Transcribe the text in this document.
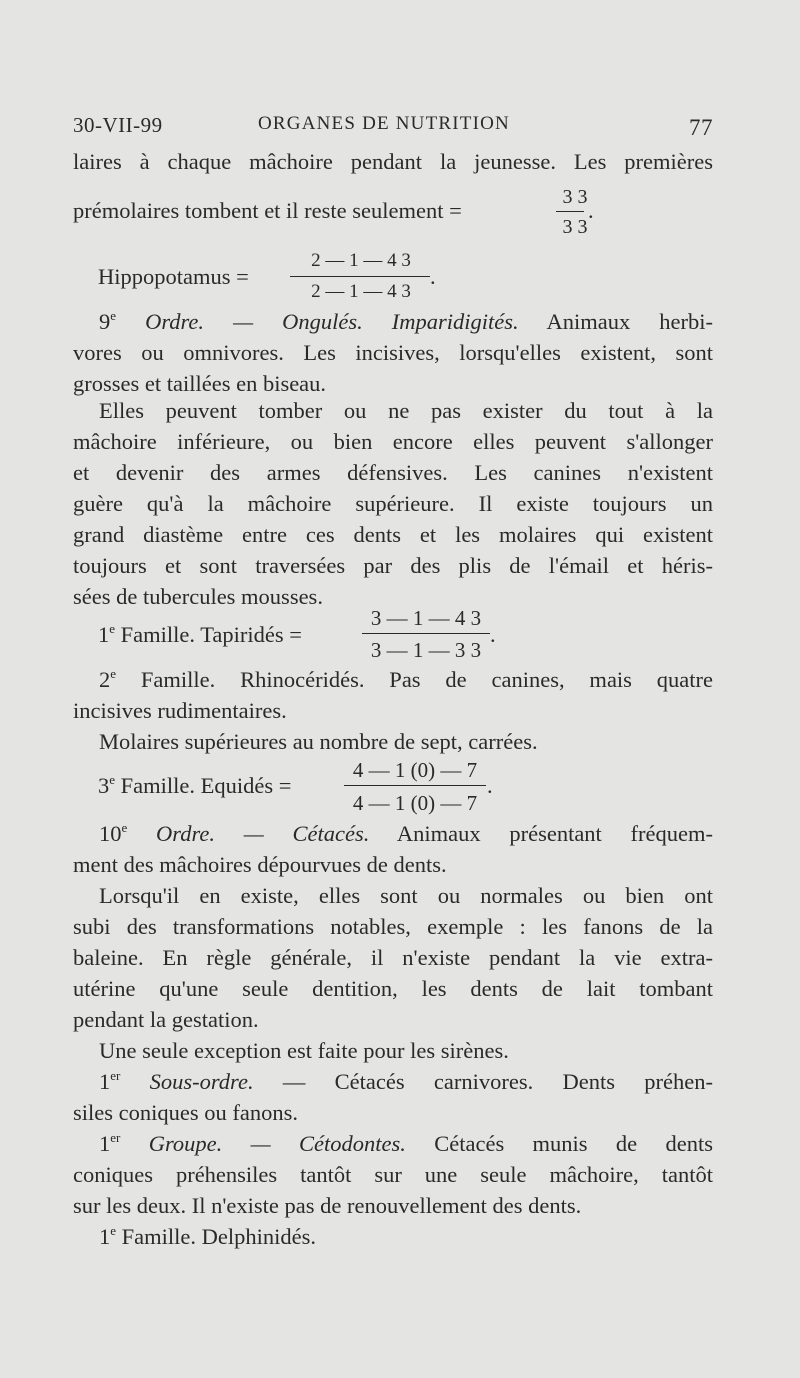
30-VII-99	ORGANES DE NUTRITION	77
laires à chaque mâchoire pendant la jeunesse. Les premières
prémolaires tombent et il reste seulement =
3 3
3 3
.
Hippopotamus =
2 — 1 — 4 3
2 — 1 — 4 3
.
9e Ordre. — Ongulés. Imparidigités. Animaux herbi-
vores ou omnivores. Les incisives, lorsqu'elles existent, sont
grosses et taillées en biseau.
Elles peuvent tomber ou ne pas exister du tout à la
mâchoire inférieure, ou bien encore elles peuvent s'allonger
et devenir des armes défensives. Les canines n'existent
guère qu'à la mâchoire supérieure. Il existe toujours un
grand diastème entre ces dents et les molaires qui existent
toujours et sont traversées par des plis de l'émail et héris-
sées de tubercules mousses.
1e Famille. Tapiridés =
3 — 1 — 4 3
3 — 1 — 3 3
.
2e Famille. Rhinocéridés. Pas de canines, mais quatre
incisives rudimentaires.
Molaires supérieures au nombre de sept, carrées.
3e Famille. Equidés =
4 — 1 (0) — 7
4 — 1 (0) — 7
.
10e Ordre. — Cétacés. Animaux présentant fréquem-
ment des mâchoires dépourvues de dents.
Lorsqu'il en existe, elles sont ou normales ou bien ont
subi des transformations notables, exemple : les fanons de la
baleine. En règle générale, il n'existe pendant la vie extra-
utérine qu'une seule dentition, les dents de lait tombant
pendant la gestation.
Une seule exception est faite pour les sirènes.
1er Sous-ordre. — Cétacés carnivores. Dents préhen-
siles coniques ou fanons.
1er Groupe. — Cétodontes. Cétacés munis de dents
coniques préhensiles tantôt sur une seule mâchoire, tantôt
sur les deux. Il n'existe pas de renouvellement des dents.
1e Famille. Delphinidés.
